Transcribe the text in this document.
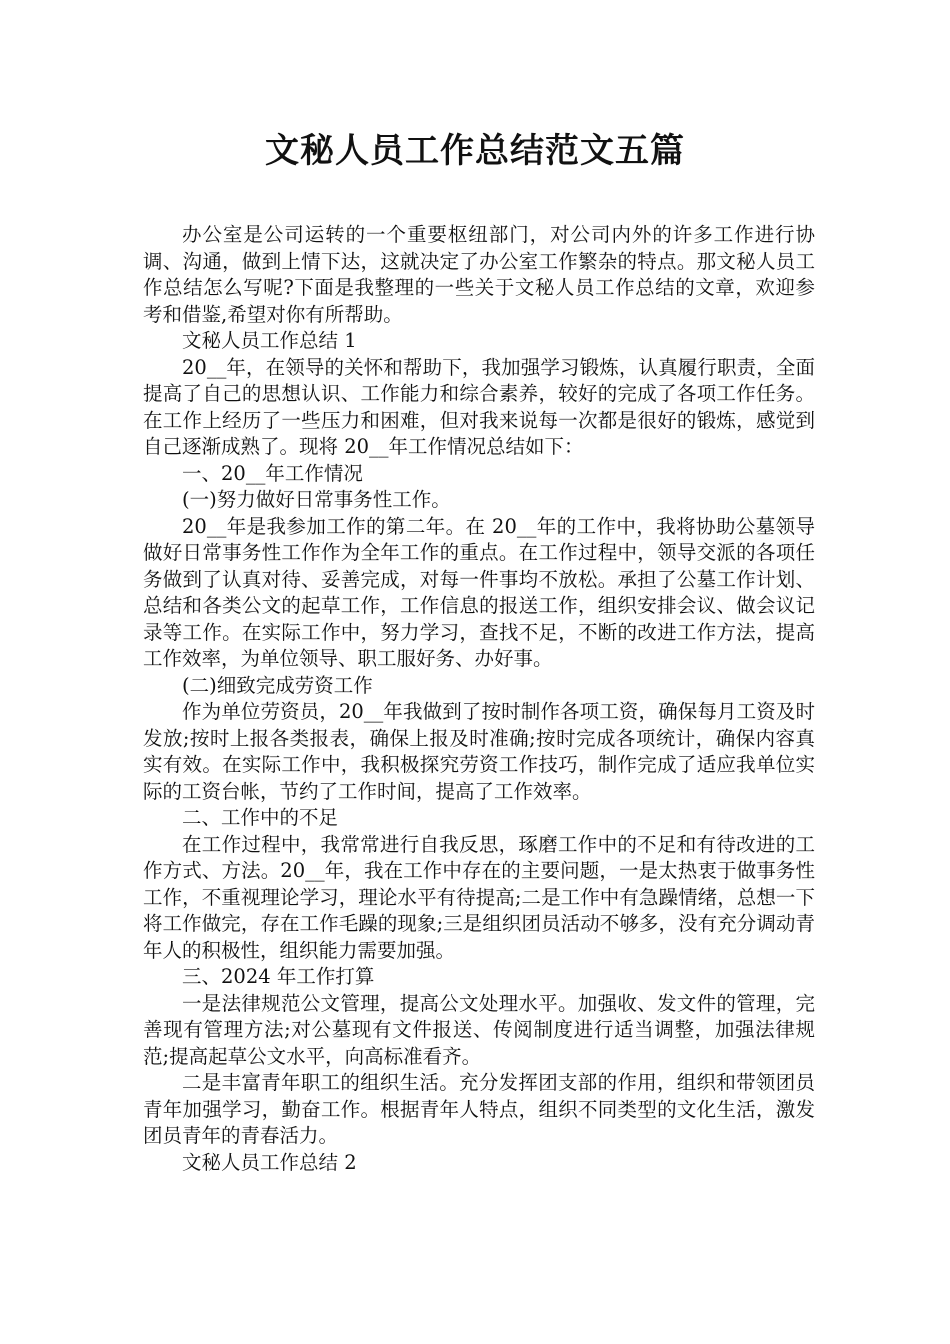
文秘人员工作总结范文五篇

办公室是公司运转的一个重要枢纽部门，对公司内外的许多工作进行协调、沟通，做到上情下达，这就决定了办公室工作繁杂的特点。那文秘人员工作总结怎么写呢?下面是我整理的一些关于文秘人员工作总结的文章，欢迎参考和借鉴,希望对你有所帮助。

文秘人员工作总结 1

20__年，在领导的关怀和帮助下，我加强学习锻炼，认真履行职责，全面提高了自己的思想认识、工作能力和综合素养，较好的完成了各项工作任务。在工作上经历了一些压力和困难，但对我来说每一次都是很好的锻炼，感觉到自己逐渐成熟了。现将 20__年工作情况总结如下：

一、20__年工作情况

(一)努力做好日常事务性工作。

20__年是我参加工作的第二年。在 20__年的工作中，我将协助公墓领导做好日常事务性工作作为全年工作的重点。在工作过程中，领导交派的各项任务做到了认真对待、妥善完成，对每一件事均不放松。承担了公墓工作计划、总结和各类公文的起草工作，工作信息的报送工作，组织安排会议、做会议记录等工作。在实际工作中，努力学习，查找不足，不断的改进工作方法，提高工作效率，为单位领导、职工服好务、办好事。

(二)细致完成劳资工作

作为单位劳资员，20__年我做到了按时制作各项工资，确保每月工资及时发放;按时上报各类报表，确保上报及时准确;按时完成各项统计，确保内容真实有效。在实际工作中，我积极探究劳资工作技巧，制作完成了适应我单位实际的工资台帐，节约了工作时间，提高了工作效率。

二、工作中的不足

在工作过程中，我常常进行自我反思，琢磨工作中的不足和有待改进的工作方式、方法。20__年，我在工作中存在的主要问题，一是太热衷于做事务性工作，不重视理论学习，理论水平有待提高;二是工作中有急躁情绪，总想一下将工作做完，存在工作毛躁的现象;三是组织团员活动不够多，没有充分调动青年人的积极性，组织能力需要加强。

三、2024 年工作打算

一是法律规范公文管理，提高公文处理水平。加强收、发文件的管理，完善现有管理方法;对公墓现有文件报送、传阅制度进行适当调整，加强法律规范;提高起草公文水平，向高标准看齐。

二是丰富青年职工的组织生活。充分发挥团支部的作用，组织和带领团员青年加强学习，勤奋工作。根据青年人特点，组织不同类型的文化生活，激发团员青年的青春活力。

文秘人员工作总结 2
